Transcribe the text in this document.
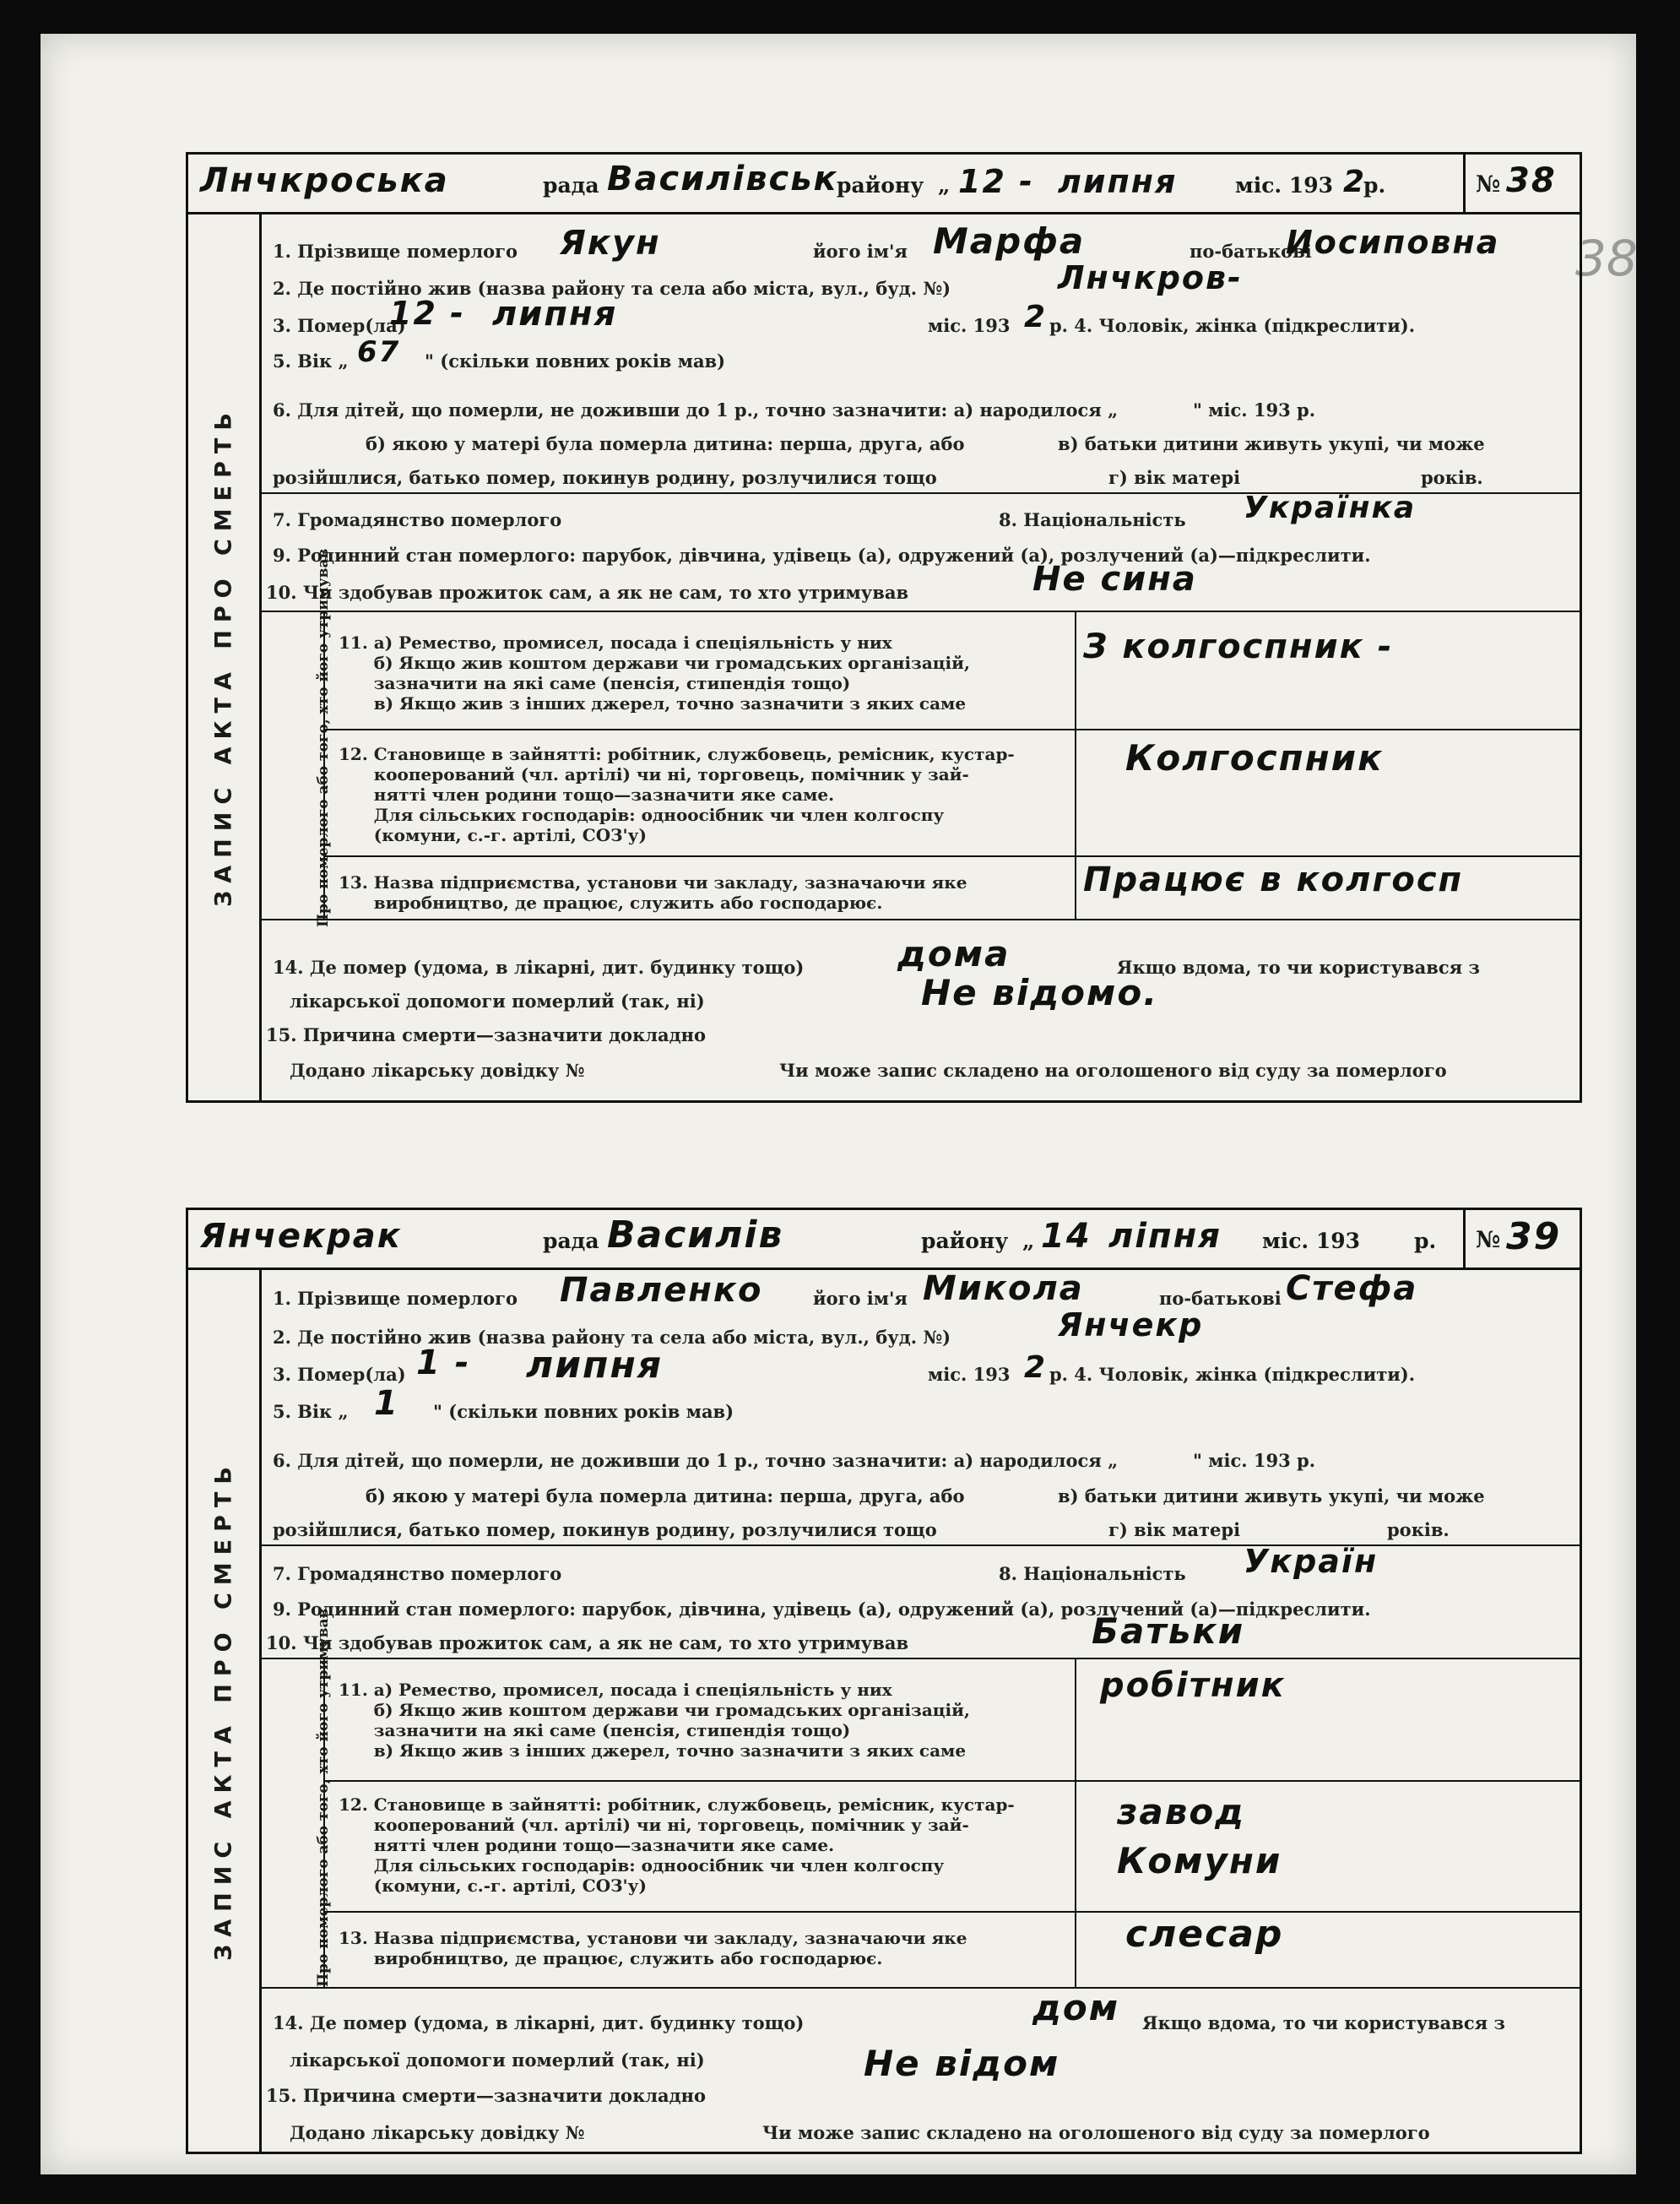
38
Лнчкроська	рада Василівськ
району „ 12 - липня	міс. 193 2
р.	№ 38
ЗАПИС АКТА ПРО СМЕРТЬ
1. Прізвище померлого Якун	його ім'я Марфа	по-батькові
Иосиповна
2. Де постійно жив (назва району та села або міста, вул., буд. №)	Лнчкров-
3. Помер(ла)
12 - липня	міс. 193 2 р. 4. Чоловік, жінка (підкреслити).
5. Вік „ 67 " (скільки повних років мав)
6. Для дітей, що померли, не доживши до 1 р., точно зазначити: а) народилося „	" міс. 193 р.
б) якою у матері була померла дитина: перша, друга, або	в) батьки дитини живуть укупі, чи може
розійшлися, батько помер, покинув родину, розлучилися тощо	г) вік матері	років.
7. Громадянство померлого	8. Національність Українка
9. Родинний стан померлого: парубок, дівчина, удівець (а), одружений (а), розлучений (а)—підкреслити.
10. Чи здобував прожиток сам, а як не сам, то хто утримував	Не сина
Про померлого або того, хто його утримував 11. а) Ремество, промисел, посада і спеціяльність у них
б) Якщо жив коштом держави чи громадських організацій,
зазначити на які саме (пенсія, стипендія тощо)
в) Якщо жив з інших джерел, точно зазначити з яких саме
З колгоспник -
12. Становище в зайнятті: робітник, службовець, ремісник, кустар-
кооперований (чл. артілі) чи ні, торговець, помічник у зай-
нятті член родини тощо—зазначити яке саме.
Для сільських господарів: одноосібник чи член колгоспу
(комуни, с.-г. артілі, СОЗ'у)
Колгоспник
13. Назва підприємства, установи чи закладу, зазначаючи яке
виробництво, де працює, служить або господарює.
Працює в колгосп
14. Де помер (удома, в лікарні, дит. будинку тощо)	дома	Якщо вдома, то чи користувався з
лікарської допомоги померлий (так, ні)	Не відомо.
15. Причина смерти—зазначити докладно
Додано лікарську довідку №	Чи може запис складено на оголошеного від суду за померлого
Янчекрак	рада Василів	району „ 14 ліпня міс. 193	р. № 39
ЗАПИС АКТА ПРО СМЕРТЬ
1. Прізвище померлого Павленко	його ім'я Микола	по-батькові Стефа
2. Де постійно жив (назва району та села або міста, вул., буд. №)	Янчекр
3. Помер(ла) 1 - липня	міс. 193 2 р. 4. Чоловік, жінка (підкреслити).
5. Вік „ 1 " (скільки повних років мав)
6. Для дітей, що померли, не доживши до 1 р., точно зазначити: а) народилося „	" міс. 193 р.
б) якою у матері була померла дитина: перша, друга, або	в) батьки дитини живуть укупі, чи може
розійшлися, батько помер, покинув родину, розлучилися тощо	г) вік матері	років.
7. Громадянство померлого	8. Національність Україн
9. Родинний стан померлого: парубок, дівчина, удівець (а), одружений (а), розлучений (а)—підкреслити.
10. Чи здобував прожиток сам, а як не сам, то хто утримував	Батьки
Про померлого або того, хто його утримував 11. а) Ремество, промисел, посада і спеціяльність у них
б) Якщо жив коштом держави чи громадських організацій,
зазначити на які саме (пенсія, стипендія тощо)
в) Якщо жив з інших джерел, точно зазначити з яких саме
робітник
12. Становище в зайнятті: робітник, службовець, ремісник, кустар-
кооперований (чл. артілі) чи ні, торговець, помічник у зай-
нятті член родини тощо—зазначити яке саме.
Для сільських господарів: одноосібник чи член колгоспу
(комуни, с.-г. артілі, СОЗ'у)
завод
Комуни
13. Назва підприємства, установи чи закладу, зазначаючи яке
виробництво, де працює, служить або господарює.
слесар
14. Де помер (удома, в лікарні, дит. будинку тощо)	дом Якщо вдома, то чи користувався з
лікарської допомоги померлий (так, ні)	Не відом
15. Причина смерти—зазначити докладно
Додано лікарську довідку №	Чи може запис складено на оголошеного від суду за померлого
